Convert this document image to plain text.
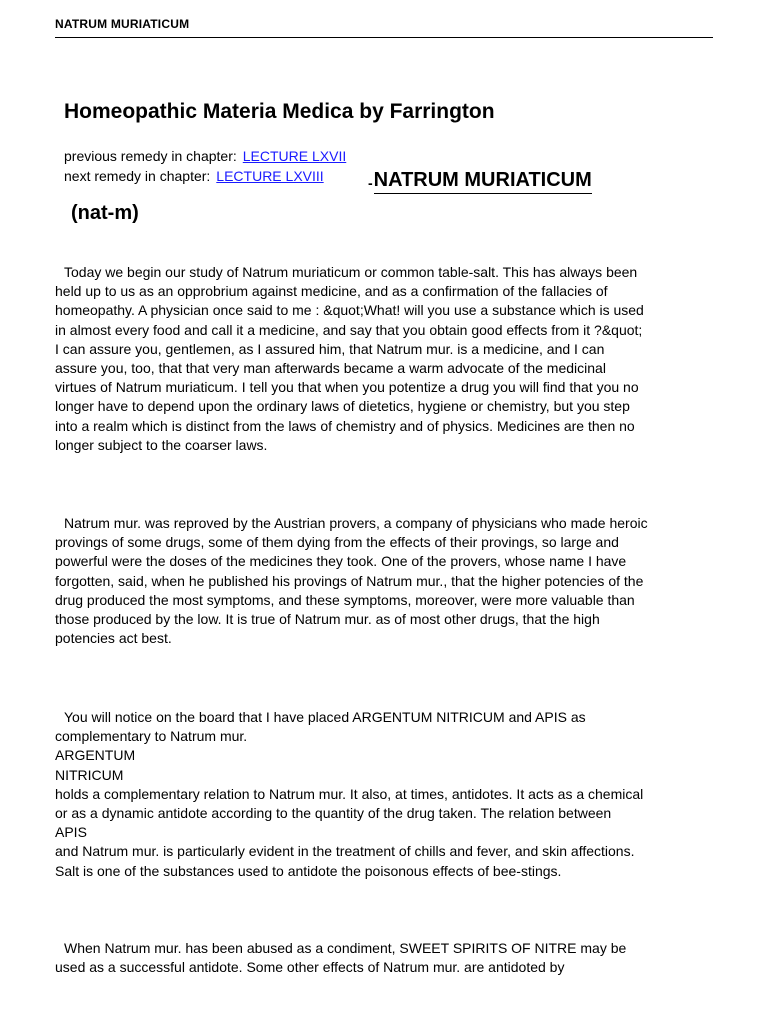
NATRUM MURIATICUM
Homeopathic Materia Medica by Farrington
previous remedy in chapter: LECTURE LXVII
next remedy in chapter: LECTURE LXVIII	-NATRUM MURIATICUM
(nat-m)
Today we begin our study of Natrum muriaticum or common table-salt. This has always been
held up to us as an opprobrium against medicine, and as a confirmation of the fallacies of
homeopathy. A physician once said to me : &quot;What! will you use a substance which is used
in almost every food and call it a medicine, and say that you obtain good effects from it ?&quot;
I can assure you, gentlemen, as I assured him, that Natrum mur. is a medicine, and I can
assure you, too, that that very man afterwards became a warm advocate of the medicinal
virtues of Natrum muriaticum. I tell you that when you potentize a drug you will find that you no
longer have to depend upon the ordinary laws of dietetics, hygiene or chemistry, but you step
into a realm which is distinct from the laws of chemistry and of physics. Medicines are then no
longer subject to the coarser laws.
Natrum mur. was reproved by the Austrian provers, a company of physicians who made heroic
provings of some drugs, some of them dying from the effects of their provings, so large and
powerful were the doses of the medicines they took. One of the provers, whose name I have
forgotten, said, when he published his provings of Natrum mur., that the higher potencies of the
drug produced the most symptoms, and these symptoms, moreover, were more valuable than
those produced by the low. It is true of Natrum mur. as of most other drugs, that the high
potencies act best.
You will notice on the board that I have placed ARGENTUM NITRICUM and APIS as
complementary to Natrum mur.
ARGENTUM
NITRICUM
holds a complementary relation to Natrum mur. It also, at times, antidotes. It acts as a chemical
or as a dynamic antidote according to the quantity of the drug taken. The relation between
APIS
and Natrum mur. is particularly evident in the treatment of chills and fever, and skin affections.
Salt is one of the substances used to antidote the poisonous effects of bee-stings.
When Natrum mur. has been abused as a condiment, SWEET SPIRITS OF NITRE may be
used as a successful antidote. Some other effects of Natrum mur. are antidoted by
